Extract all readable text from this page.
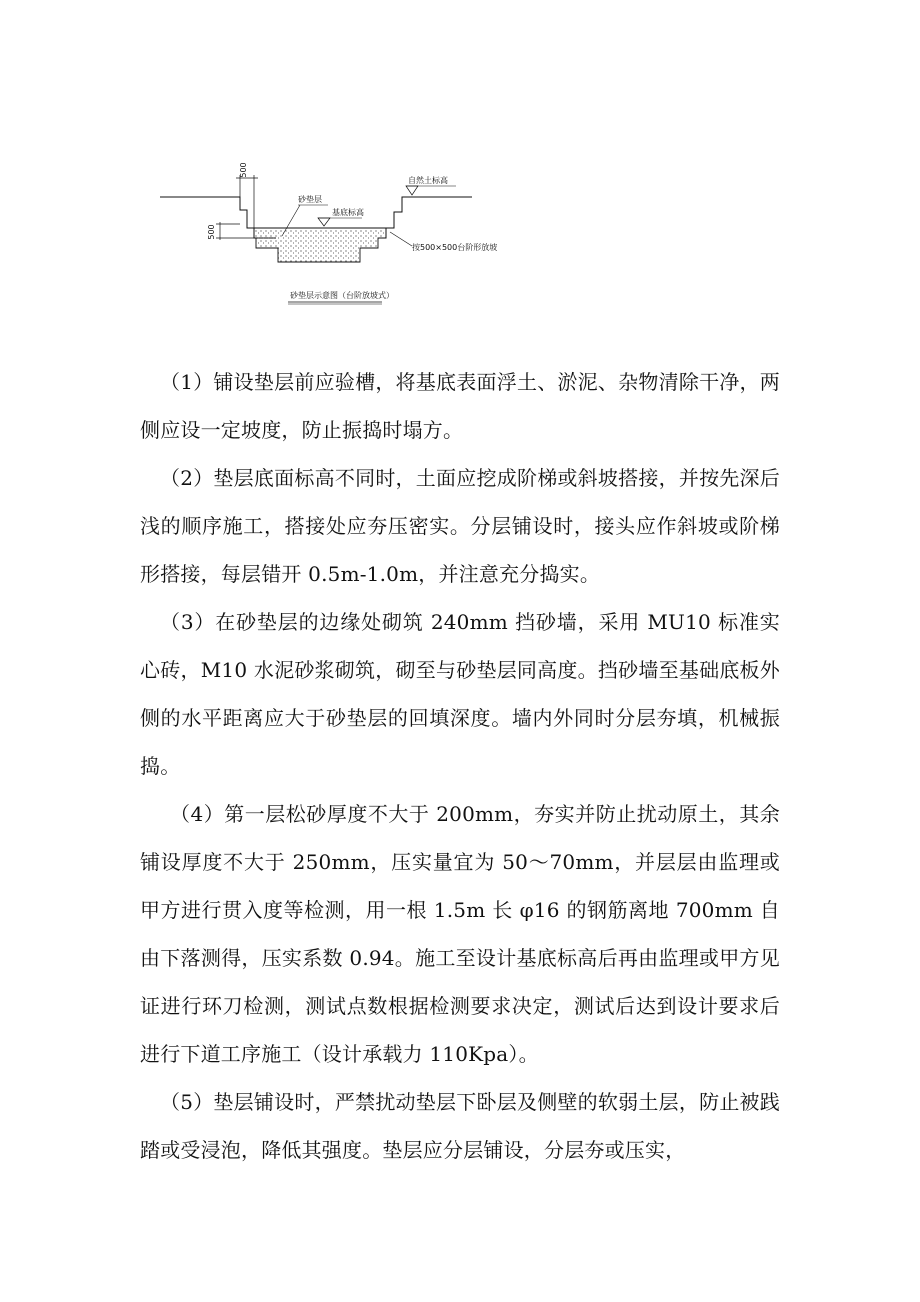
500
500
砂垫层
基底标高
自然土标高
按500×500台阶形放坡
砂垫层示意图（台阶放坡式）

（1）铺设垫层前应验槽，将基底表面浮土、淤泥、杂物清除干净，两侧应设一定坡度，防止振捣时塌方。

（2）垫层底面标高不同时，土面应挖成阶梯或斜坡搭接，并按先深后浅的顺序施工，搭接处应夯压密实。分层铺设时，接头应作斜坡或阶梯形搭接，每层错开 0.5m-1.0m，并注意充分捣实。

（3）在砂垫层的边缘处砌筑 240mm 挡砂墙，采用 MU10 标准实心砖，M10 水泥砂浆砌筑，砌至与砂垫层同高度。挡砂墙至基础底板外侧的水平距离应大于砂垫层的回填深度。墙内外同时分层夯填，机械振捣。

（4）第一层松砂厚度不大于 200mm，夯实并防止扰动原土，其余铺设厚度不大于 250mm，压实量宜为 50～70mm，并层层由监理或甲方进行贯入度等检测，用一根 1.5m 长 φ16 的钢筋离地 700mm 自由下落测得，压实系数 0.94。施工至设计基底标高后再由监理或甲方见证进行环刀检测，测试点数根据检测要求决定，测试后达到设计要求后进行下道工序施工（设计承载力 110Kpa）。

（5）垫层铺设时，严禁扰动垫层下卧层及侧壁的软弱土层，防止被践踏或受浸泡，降低其强度。垫层应分层铺设，分层夯或压实，
